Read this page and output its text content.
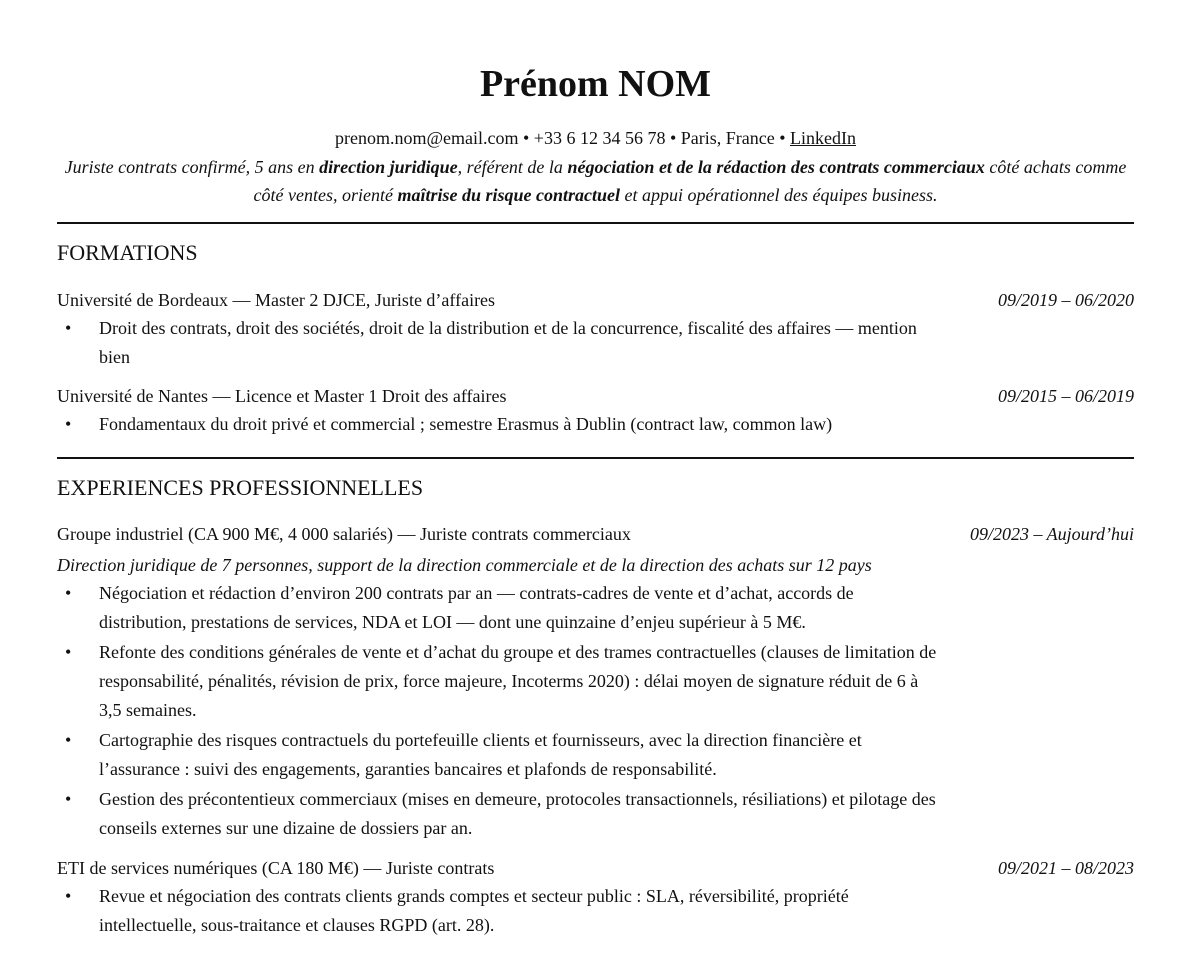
Prénom NOM
prenom.nom@email.com • +33 6 12 34 56 78 • Paris, France • LinkedIn
Juriste contrats confirmé, 5 ans en direction juridique, référent de la négociation et de la rédaction des contrats commerciaux côté achats comme côté ventes, orienté maîtrise du risque contractuel et appui opérationnel des équipes business.
FORMATIONS
Université de Bordeaux — Master 2 DJCE, Juriste d’affaires	09/2019 – 06/2020
• Droit des contrats, droit des sociétés, droit de la distribution et de la concurrence, fiscalité des affaires — mention bien
Université de Nantes — Licence et Master 1 Droit des affaires	09/2015 – 06/2019
• Fondamentaux du droit privé et commercial ; semestre Erasmus à Dublin (contract law, common law)
EXPERIENCES PROFESSIONNELLES
Groupe industriel (CA 900 M€, 4 000 salariés) — Juriste contrats commerciaux	09/2023 – Aujourd’hui
Direction juridique de 7 personnes, support de la direction commerciale et de la direction des achats sur 12 pays
• Négociation et rédaction d’environ 200 contrats par an — contrats-cadres de vente et d’achat, accords de distribution, prestations de services, NDA et LOI — dont une quinzaine d’enjeu supérieur à 5 M€.
• Refonte des conditions générales de vente et d’achat du groupe et des trames contractuelles (clauses de limitation de responsabilité, pénalités, révision de prix, force majeure, Incoterms 2020) : délai moyen de signature réduit de 6 à 3,5 semaines.
• Cartographie des risques contractuels du portefeuille clients et fournisseurs, avec la direction financière et l’assurance : suivi des engagements, garanties bancaires et plafonds de responsabilité.
• Gestion des précontentieux commerciaux (mises en demeure, protocoles transactionnels, résiliations) et pilotage des conseils externes sur une dizaine de dossiers par an.
ETI de services numériques (CA 180 M€) — Juriste contrats	09/2021 – 08/2023
• Revue et négociation des contrats clients grands comptes et secteur public : SLA, réversibilité, propriété intellectuelle, sous-traitance et clauses RGPD (art. 28).
